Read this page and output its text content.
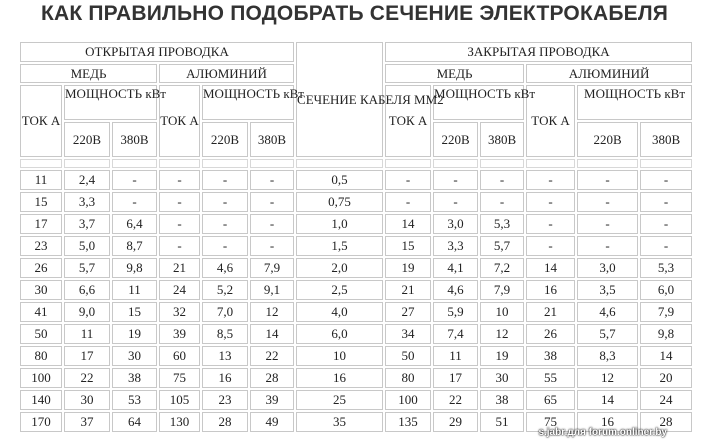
КАК ПРАВИЛЬНО ПОДОБРАТЬ СЕЧЕНИЕ ЭЛЕКТРОКАБЕЛЯ
ОТКРЫТАЯ ПРОВОДКА						СЕЧЕНИЕ КАБЕЛЯ ММ2	ЗАКРЫТАЯ ПРОВОДКА					
МЕДЬ			АЛЮМИНИЙ				МЕДЬ			АЛЮМИНИЙ		
ТОК А	МОЩНОСТЬ кВт		ТОК А	МОЩНОСТЬ кВт			ТОК А	МОЩНОСТЬ кВт		ТОК А	МОЩНОСТЬ кВт	
	220В	380В		220В	380В			220В	380В		220В	380В

11	2,4	-	-	-	-	0,5	-	-	-	-	-	-
15	3,3	-	-	-	-	0,75	-	-	-	-	-	-
17	3,7	6,4	-	-	-	1,0	14	3,0	5,3	-	-	-
23	5,0	8,7	-	-	-	1,5	15	3,3	5,7	-	-	-
26	5,7	9,8	21	4,6	7,9	2,0	19	4,1	7,2	14	3,0	5,3
30	6,6	11	24	5,2	9,1	2,5	21	4,6	7,9	16	3,5	6,0
41	9,0	15	32	7,0	12	4,0	27	5,9	10	21	4,6	7,9
50	11	19	39	8,5	14	6,0	34	7,4	12	26	5,7	9,8
80	17	30	60	13	22	10	50	11	19	38	8,3	14
100	22	38	75	16	28	16	80	17	30	55	12	20
140	30	53	105	23	39	25	100	22	38	65	14	24
170	37	64	130	28	49	35	135	29	51	75	16	28
s.jabr.для forum.onliner.by
